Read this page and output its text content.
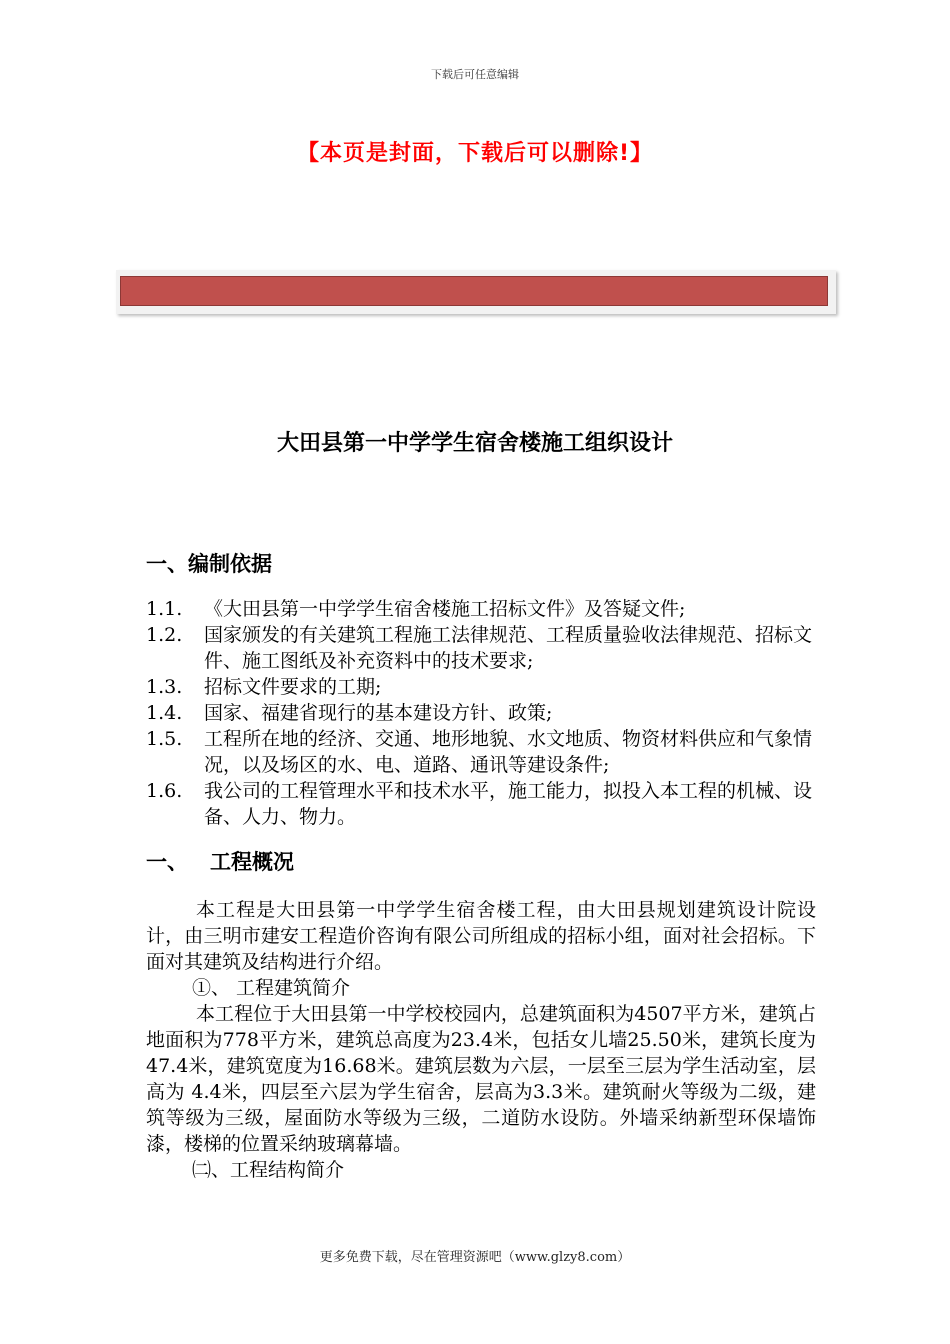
下载后可任意编辑
【本页是封面，下载后可以删除!】
大田县第一中学学生宿舍楼施工组织设计
一、编制依据
1.1.	《大田县第一中学学生宿舍楼施工招标文件》及答疑文件;
1.2.	国家颁发的有关建筑工程施工法律规范、工程质量验收法律规范、招标文件、施工图纸及补充资料中的技术要求;
1.3.	招标文件要求的工期;
1.4.	国家、福建省现行的基本建设方针、政策;
1.5.	工程所在地的经济、交通、地形地貌、水文地质、物资材料供应和气象情况，以及场区的水、电、道路、通讯等建设条件;
1.6.	我公司的工程管理水平和技术水平，施工能力，拟投入本工程的机械、设备、人力、物力。
一、 工程概况
本工程是大田县第一中学学生宿舍楼工程，由大田县规划建筑设计院设计，由三明市建安工程造价咨询有限公司所组成的招标小组，面对社会招标。下面对其建筑及结构进行介绍。
①、 工程建筑简介
本工程位于大田县第一中学校校园内，总建筑面积为4507平方米，建筑占地面积为778平方米，建筑总高度为23.4米，包括女儿墙25.50米，建筑长度为47.4米，建筑宽度为16.68米。建筑层数为六层，一层至三层为学生活动室，层高为 4.4米，四层至六层为学生宿舍，层高为3.3米。建筑耐火等级为二级，建筑等级为三级，屋面防水等级为三级，二道防水设防。外墙采纳新型环保墙饰漆，楼梯的位置采纳玻璃幕墙。
㈡、工程结构简介
更多免费下载，尽在管理资源吧（www.glzy8.com）
